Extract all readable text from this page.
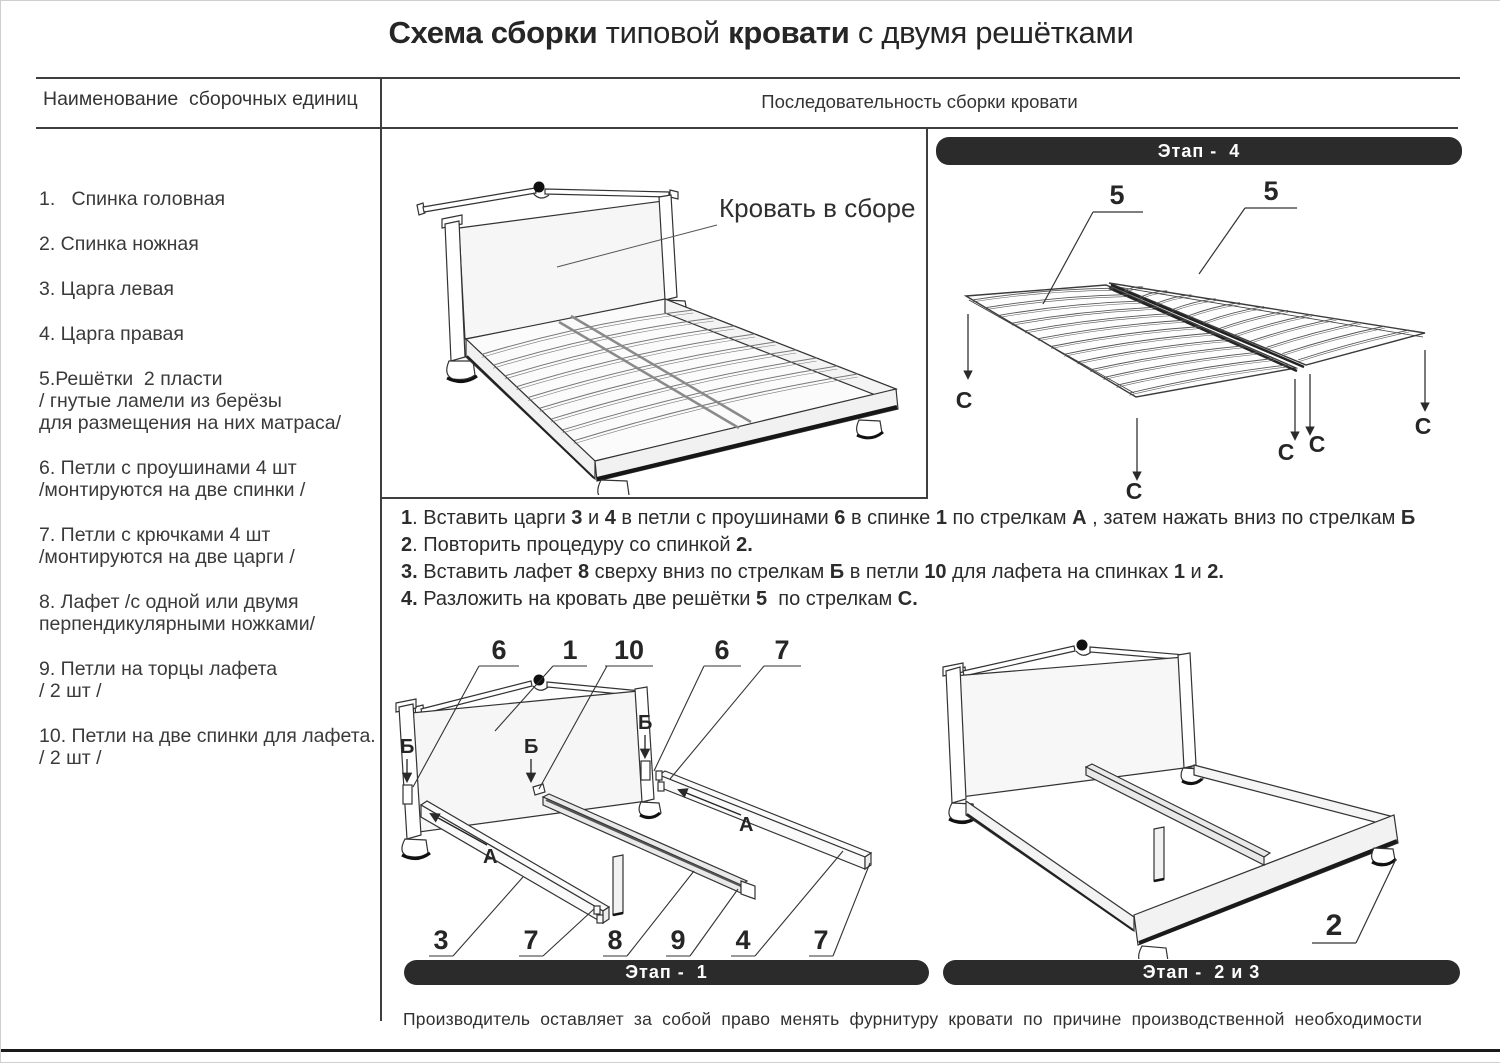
Схема сборки типовой кровати с двумя решётками
Наименование  сборочных единиц	Последовательность сборки кровати
1.   Спинка головная
2. Спинка ножная
3. Царга левая
4. Царга правая
5.Решётки  2 пласти
/ гнутые ламели из берёзы
для размещения на них матраса/
6. Петли с проушинами 4 шт
/монтируются на две спинки /
7. Петли с крючками 4 шт
/монтируются на две царги /
8. Лафет /с одной или двумя
перпендикулярными ножками/
9. Петли на торцы лафета
/ 2 шт /
10. Петли на две спинки для лафета.
/ 2 шт /
Кровать в сборе
Этап -  4
5	5
С
С
С С
С
1. Вставить царги 3 и 4 в петли с проушинами 6 в спинке 1 по стрелкам А , затем нажать вниз по стрелкам Б
2. Повторить процедуру со спинкой 2.
3. Вставить лафет 8 сверху вниз по стрелкам Б в петли 10 для лафета на спинках 1 и 2.
4. Разложить на кровать две решётки 5  по стрелкам С.
Б	Б
Б
А
А
6 1 10	6 7
3	7	8 9 4 7	2
Этап -  1	Этап -  2 и 3
Производитель оставляет за собой право менять фурнитуру кровати по причине производственной необходимости
